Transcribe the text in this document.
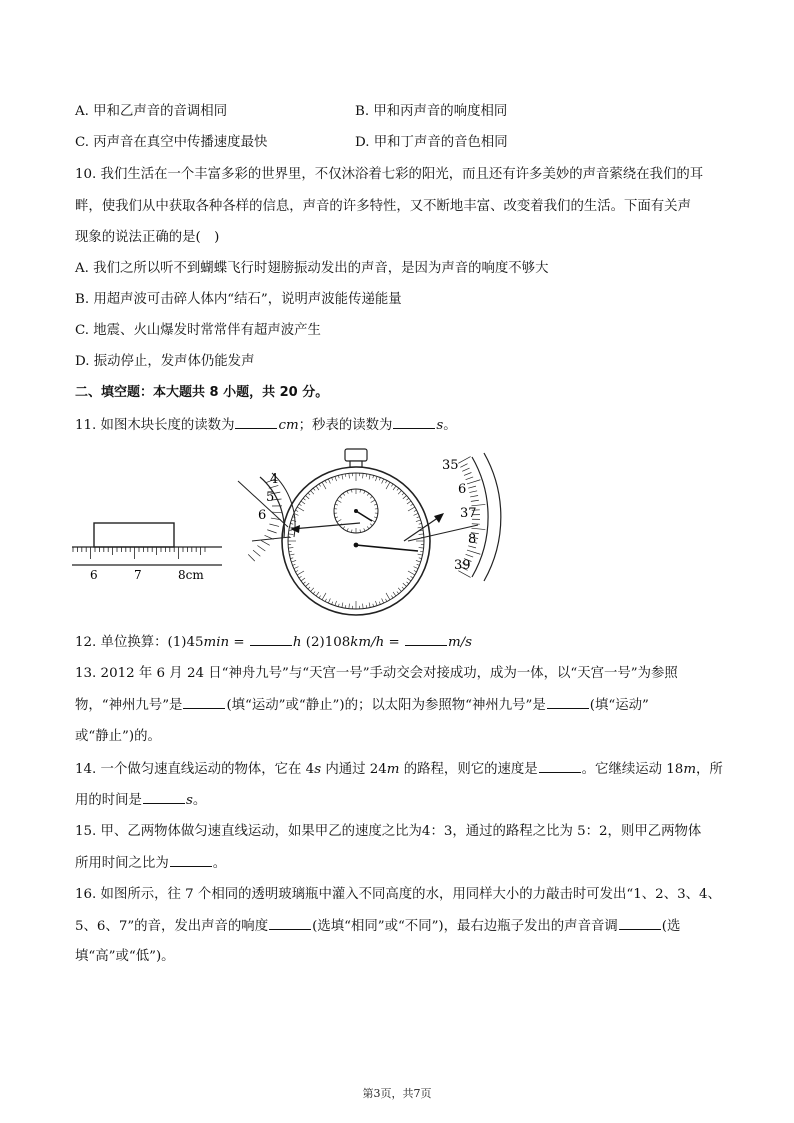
A. 甲和乙声音的音调相同	B. 甲和丙声音的响度相同
C. 丙声音在真空中传播速度最快	D. 甲和丁声音的音色相同
10. 我们生活在一个丰富多彩的世界里，不仅沐浴着七彩的阳光，而且还有许多美妙的声音萦绕在我们的耳
畔，使我们从中获取各种各样的信息，声音的许多特性，又不断地丰富、改变着我们的生活。下面有关声
现象的说法正确的是(　)
A. 我们之所以听不到蝴蝶飞行时翅膀振动发出的声音，是因为声音的响度不够大
B. 用超声波可击碎人体内“结石”，说明声波能传递能量
C. 地震、火山爆发时常常伴有超声波产生
D. 振动停止，发声体仍能发声
二、填空题：本大题共 8 小题，共 20 分。
11. 如图木块长度的读数为	cm；秒表的读数为	s。
6	7	8cm
4
5
6
35
6
37
8
39
12. 单位换算：(1)45min =	h (2)108km/h =	m/s
13. 2012 年 6 月 24 日“神舟九号”与“天宫一号”手动交会对接成功，成为一体，以“天宫一号”为参照
物，“神州九号”是	(填“运动”或“静止”)的；以太阳为参照物“神州九号”是	(填“运动”
或“静止”)的。
14. 一个做匀速直线运动的物体，它在 4s 内通过 24m 的路程，则它的速度是	。它继续运动 18m，所
用的时间是	s。
15. 甲、乙两物体做匀速直线运动，如果甲乙的速度之比为4：3，通过的路程之比为 5：2，则甲乙两物体
所用时间之比为	。
16. 如图所示，往 7 个相同的透明玻璃瓶中灌入不同高度的水，用同样大小的力敲击时可发出“1、2、3、4、
5、6、7”的音，发出声音的响度	(选填“相同”或“不同”)，最右边瓶子发出的声音音调	(选
填“高”或“低”)。
第3页，共7页
